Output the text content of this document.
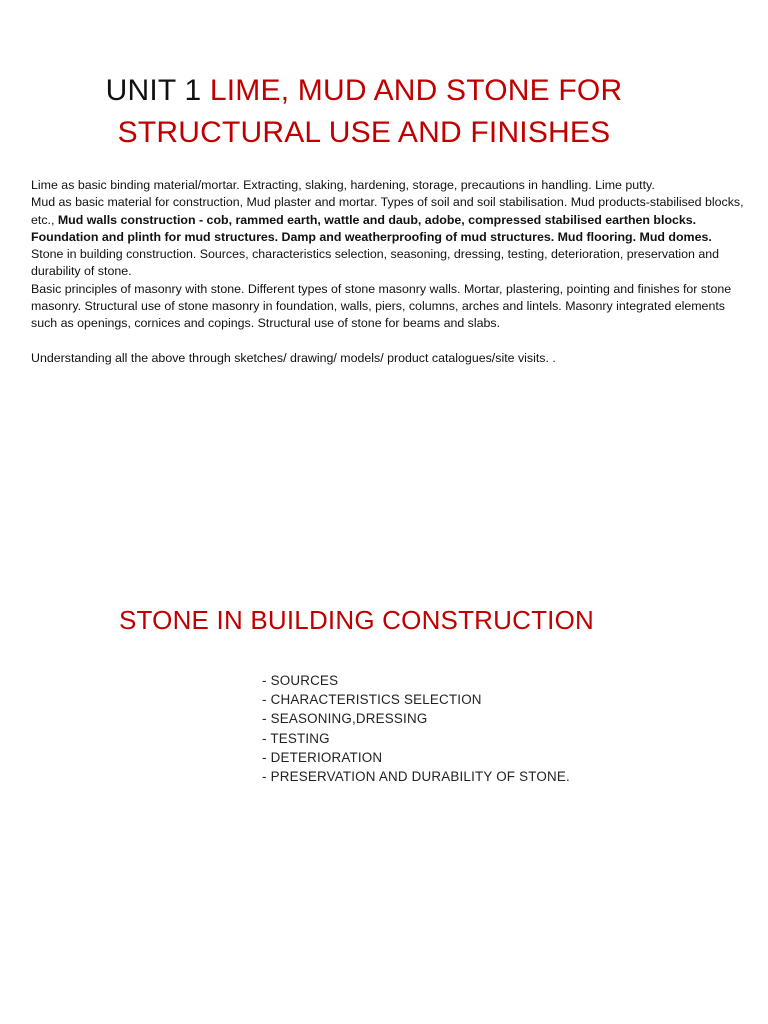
UNIT 1 LIME, MUD AND STONE FOR
STRUCTURAL USE AND FINISHES

Lime as basic binding material/mortar. Extracting, slaking, hardening, storage, precautions in handling. Lime putty.

Mud as basic material for construction, Mud plaster and mortar. Types of soil and soil stabilisation. Mud products-stabilised blocks, etc., Mud walls construction - cob, rammed earth, wattle and daub, adobe, compressed stabilised earthen blocks. Foundation and plinth for mud structures. Damp and weatherproofing of mud structures. Mud flooring. Mud domes.

Stone in building construction. Sources, characteristics selection, seasoning, dressing, testing, deterioration, preservation and durability of stone.

Basic principles of masonry with stone. Different types of stone masonry walls. Mortar, plastering, pointing and finishes for stone masonry. Structural use of stone masonry in foundation, walls, piers, columns, arches and lintels. Masonry integrated elements such as openings, cornices and copings. Structural use of stone for beams and slabs.

Understanding all the above through sketches/ drawing/ models/ product catalogues/site visits. .

STONE IN BUILDING CONSTRUCTION
- SOURCES
- CHARACTERISTICS SELECTION
- SEASONING,DRESSING
- TESTING
- DETERIORATION
- PRESERVATION AND DURABILITY OF STONE.
